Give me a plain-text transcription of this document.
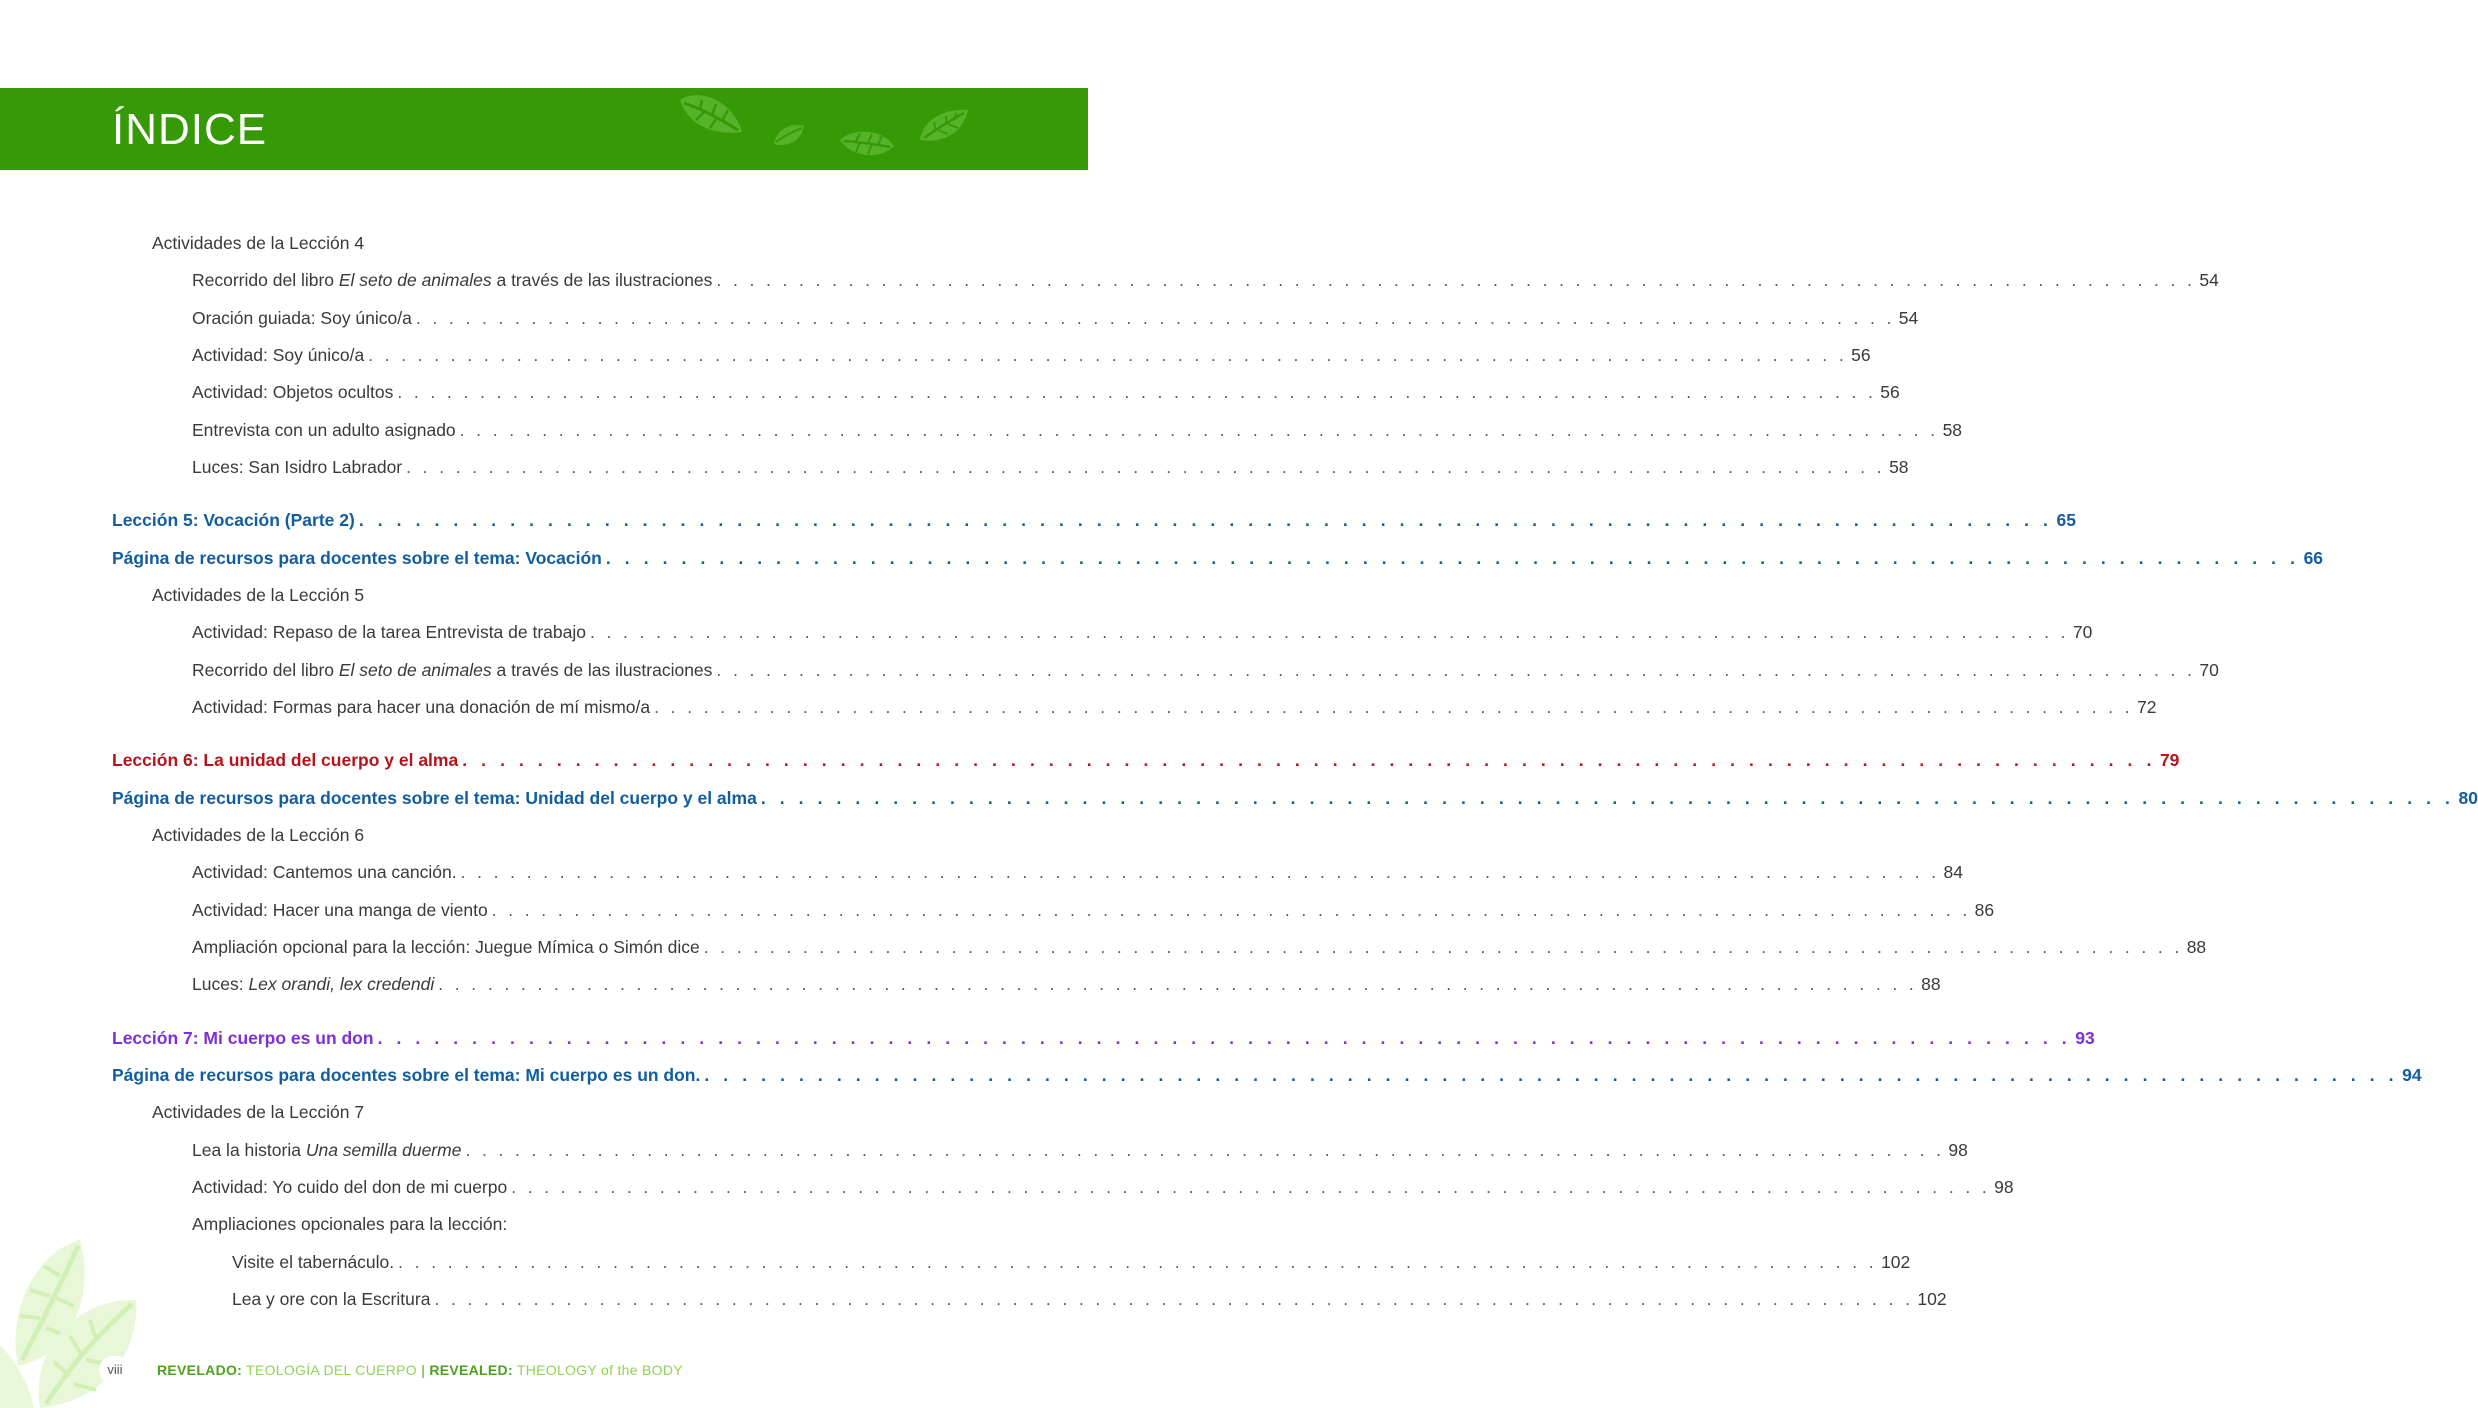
ÍNDICE
Actividades de la Lección 4
Recorrido del libro El seto de animales a través de las ilustraciones . . . . . . . . . . . . . . . . . . . . . . . . . . . . . . . . . . . . . . . . . . . . . . . . . . . . . . . . . . . . . . . . . . . . . . . . . . . . . . . . . . . . . . . . . . 54
Oración guiada: Soy único/a . . . . . . . . . . . . . . . . . . . . . . . . . . . . . . . . . . . . . . . . . . . . . . . . . . . . . . . . . . . . . . . . . . . . . . . . . . . . . . . . . . . . . . . . . . 54
Actividad: Soy único/a . . . . . . . . . . . . . . . . . . . . . . . . . . . . . . . . . . . . . . . . . . . . . . . . . . . . . . . . . . . . . . . . . . . . . . . . . . . . . . . . . . . . . . . . . . 56
Actividad: Objetos ocultos . . . . . . . . . . . . . . . . . . . . . . . . . . . . . . . . . . . . . . . . . . . . . . . . . . . . . . . . . . . . . . . . . . . . . . . . . . . . . . . . . . . . . . . . . . 56
Entrevista con un adulto asignado . . . . . . . . . . . . . . . . . . . . . . . . . . . . . . . . . . . . . . . . . . . . . . . . . . . . . . . . . . . . . . . . . . . . . . . . . . . . . . . . . . . . . . . . . . 58
Luces: San Isidro Labrador . . . . . . . . . . . . . . . . . . . . . . . . . . . . . . . . . . . . . . . . . . . . . . . . . . . . . . . . . . . . . . . . . . . . . . . . . . . . . . . . . . . . . . . . . . 58
Lección 5: Vocación (Parte 2) . . . . . . . . . . . . . . . . . . . . . . . . . . . . . . . . . . . . . . . . . . . . . . . . . . . . . . . . . . . . . . . . . . . . . . . . . . . . . . . . . . . . . . . . . . 65
Página de recursos para docentes sobre el tema: Vocación . . . . . . . . . . . . . . . . . . . . . . . . . . . . . . . . . . . . . . . . . . . . . . . . . . . . . . . . . . . . . . . . . . . . . . . . . . . . . . . . . . . . . . . . . . 66
Actividades de la Lección 5
Actividad: Repaso de la tarea Entrevista de trabajo . . . . . . . . . . . . . . . . . . . . . . . . . . . . . . . . . . . . . . . . . . . . . . . . . . . . . . . . . . . . . . . . . . . . . . . . . . . . . . . . . . . . . . . . . . 70
Recorrido del libro El seto de animales a través de las ilustraciones . . . . . . . . . . . . . . . . . . . . . . . . . . . . . . . . . . . . . . . . . . . . . . . . . . . . . . . . . . . . . . . . . . . . . . . . . . . . . . . . . . . . . . . . . . 70
Actividad: Formas para hacer una donación de mí mismo/a . . . . . . . . . . . . . . . . . . . . . . . . . . . . . . . . . . . . . . . . . . . . . . . . . . . . . . . . . . . . . . . . . . . . . . . . . . . . . . . . . . . . . . . . . . 72
Lección 6: La unidad del cuerpo y el alma . . . . . . . . . . . . . . . . . . . . . . . . . . . . . . . . . . . . . . . . . . . . . . . . . . . . . . . . . . . . . . . . . . . . . . . . . . . . . . . . . . . . . . . . . . 79
Página de recursos para docentes sobre el tema: Unidad del cuerpo y el alma . . . . . . . . . . . . . . . . . . . . . . . . . . . . . . . . . . . . . . . . . . . . . . . . . . . . . . . . . . . . . . . . . . . . . . . . . . . . . . . . . . . . . . . . . . 80
Actividades de la Lección 6
Actividad: Cantemos una canción. . . . . . . . . . . . . . . . . . . . . . . . . . . . . . . . . . . . . . . . . . . . . . . . . . . . . . . . . . . . . . . . . . . . . . . . . . . . . . . . . . . . . . . . . . . 84
Actividad: Hacer una manga de viento . . . . . . . . . . . . . . . . . . . . . . . . . . . . . . . . . . . . . . . . . . . . . . . . . . . . . . . . . . . . . . . . . . . . . . . . . . . . . . . . . . . . . . . . . . 86
Ampliación opcional para la lección: Juegue Mímica o Simón dice . . . . . . . . . . . . . . . . . . . . . . . . . . . . . . . . . . . . . . . . . . . . . . . . . . . . . . . . . . . . . . . . . . . . . . . . . . . . . . . . . . . . . . . . . . 88
Luces: Lex orandi, lex credendi . . . . . . . . . . . . . . . . . . . . . . . . . . . . . . . . . . . . . . . . . . . . . . . . . . . . . . . . . . . . . . . . . . . . . . . . . . . . . . . . . . . . . . . . . . 88
Lección 7: Mi cuerpo es un don . . . . . . . . . . . . . . . . . . . . . . . . . . . . . . . . . . . . . . . . . . . . . . . . . . . . . . . . . . . . . . . . . . . . . . . . . . . . . . . . . . . . . . . . . . 93
Página de recursos para docentes sobre el tema: Mi cuerpo es un don. . . . . . . . . . . . . . . . . . . . . . . . . . . . . . . . . . . . . . . . . . . . . . . . . . . . . . . . . . . . . . . . . . . . . . . . . . . . . . . . . . . . . . . . . . . 94
Actividades de la Lección 7
Lea la historia Una semilla duerme . . . . . . . . . . . . . . . . . . . . . . . . . . . . . . . . . . . . . . . . . . . . . . . . . . . . . . . . . . . . . . . . . . . . . . . . . . . . . . . . . . . . . . . . . . 98
Actividad: Yo cuido del don de mi cuerpo . . . . . . . . . . . . . . . . . . . . . . . . . . . . . . . . . . . . . . . . . . . . . . . . . . . . . . . . . . . . . . . . . . . . . . . . . . . . . . . . . . . . . . . . . . 98
Ampliaciones opcionales para la lección:
Visite el tabernáculo. . . . . . . . . . . . . . . . . . . . . . . . . . . . . . . . . . . . . . . . . . . . . . . . . . . . . . . . . . . . . . . . . . . . . . . . . . . . . . . . . . . . . . . . . . . 102
Lea y ore con la Escritura . . . . . . . . . . . . . . . . . . . . . . . . . . . . . . . . . . . . . . . . . . . . . . . . . . . . . . . . . . . . . . . . . . . . . . . . . . . . . . . . . . . . . . . . . . 102
viii	REVELADO: TEOLOGÍA DEL CUERPO | REVEALED: THEOLOGY of the BODY
